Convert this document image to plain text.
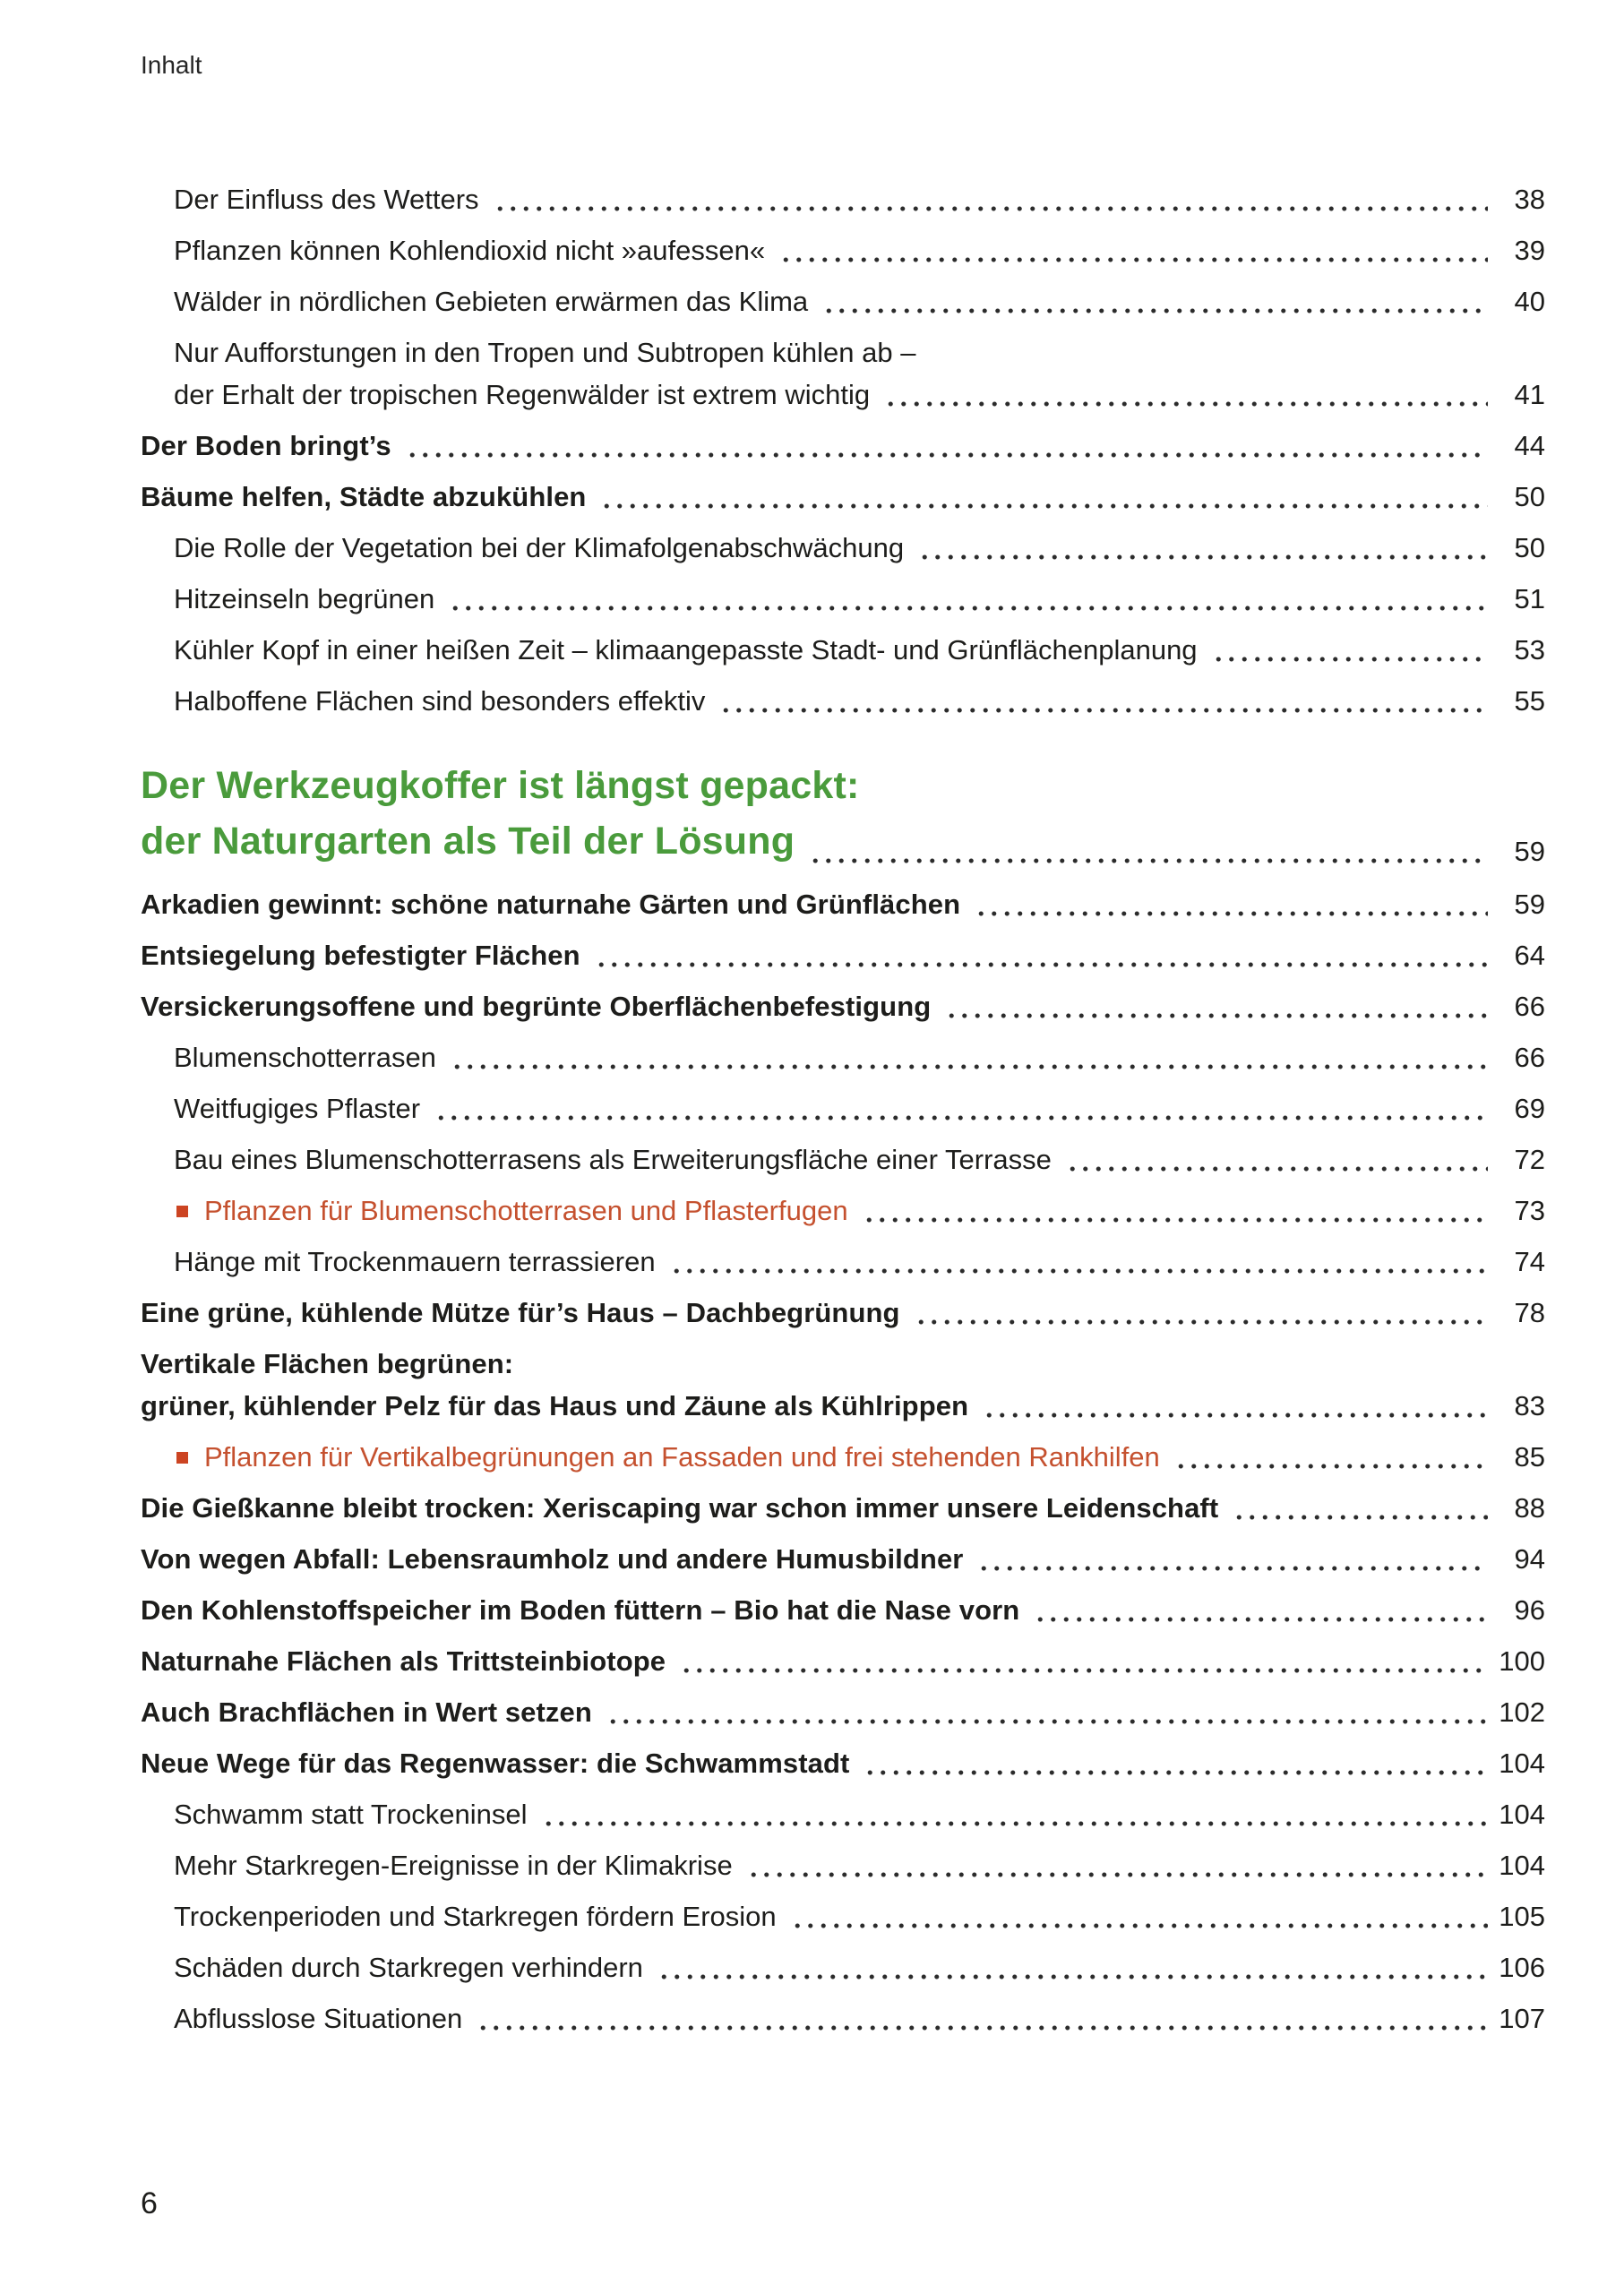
Inhalt
Der Einfluss des Wetters	38
Pflanzen können Kohlendioxid nicht »aufessen«	39
Wälder in nördlichen Gebieten erwärmen das Klima	40
Nur Aufforstungen in den Tropen und Subtropen kühlen ab –
der Erhalt der tropischen Regenwälder ist extrem wichtig	41
Der Boden bringt’s	44
Bäume helfen, Städte abzukühlen	50
Die Rolle der Vegetation bei der Klimafolgenabschwächung	50
Hitzeinseln begrünen	51
Kühler Kopf in einer heißen Zeit – klimaangepasste Stadt- und Grünflächenplanung	53
Halboffene Flächen sind besonders effektiv	55
Der Werkzeugkoffer ist längst gepackt:
der Naturgarten als Teil der Lösung	59
Arkadien gewinnt: schöne naturnahe Gärten und Grünflächen	59
Entsiegelung befestigter Flächen	64
Versickerungsoffene und begrünte Oberflächenbefestigung	66
Blumenschotterrasen	66
Weitfugiges Pflaster	69
Bau eines Blumenschotterrasens als Erweiterungsfläche einer Terrasse	72
Pflanzen für Blumenschotterrasen und Pflasterfugen	73
Hänge mit Trockenmauern terrassieren	74
Eine grüne, kühlende Mütze für’s Haus – Dachbegrünung	78
Vertikale Flächen begrünen:
grüner, kühlender Pelz für das Haus und Zäune als Kühlrippen	83
Pflanzen für Vertikalbegrünungen an Fassaden und frei stehenden Rankhilfen	85
Die Gießkanne bleibt trocken: Xeriscaping war schon immer unsere Leidenschaft	88
Von wegen Abfall: Lebensraumholz und andere Humusbildner	94
Den Kohlenstoffspeicher im Boden füttern – Bio hat die Nase vorn	96
Naturnahe Flächen als Trittsteinbiotope	100
Auch Brachflächen in Wert setzen	102
Neue Wege für das Regenwasser: die Schwammstadt	104
Schwamm statt Trockeninsel	104
Mehr Starkregen-Ereignisse in der Klimakrise	104
Trockenperioden und Starkregen fördern Erosion	105
Schäden durch Starkregen verhindern	106
Abflusslose Situationen	107
6
